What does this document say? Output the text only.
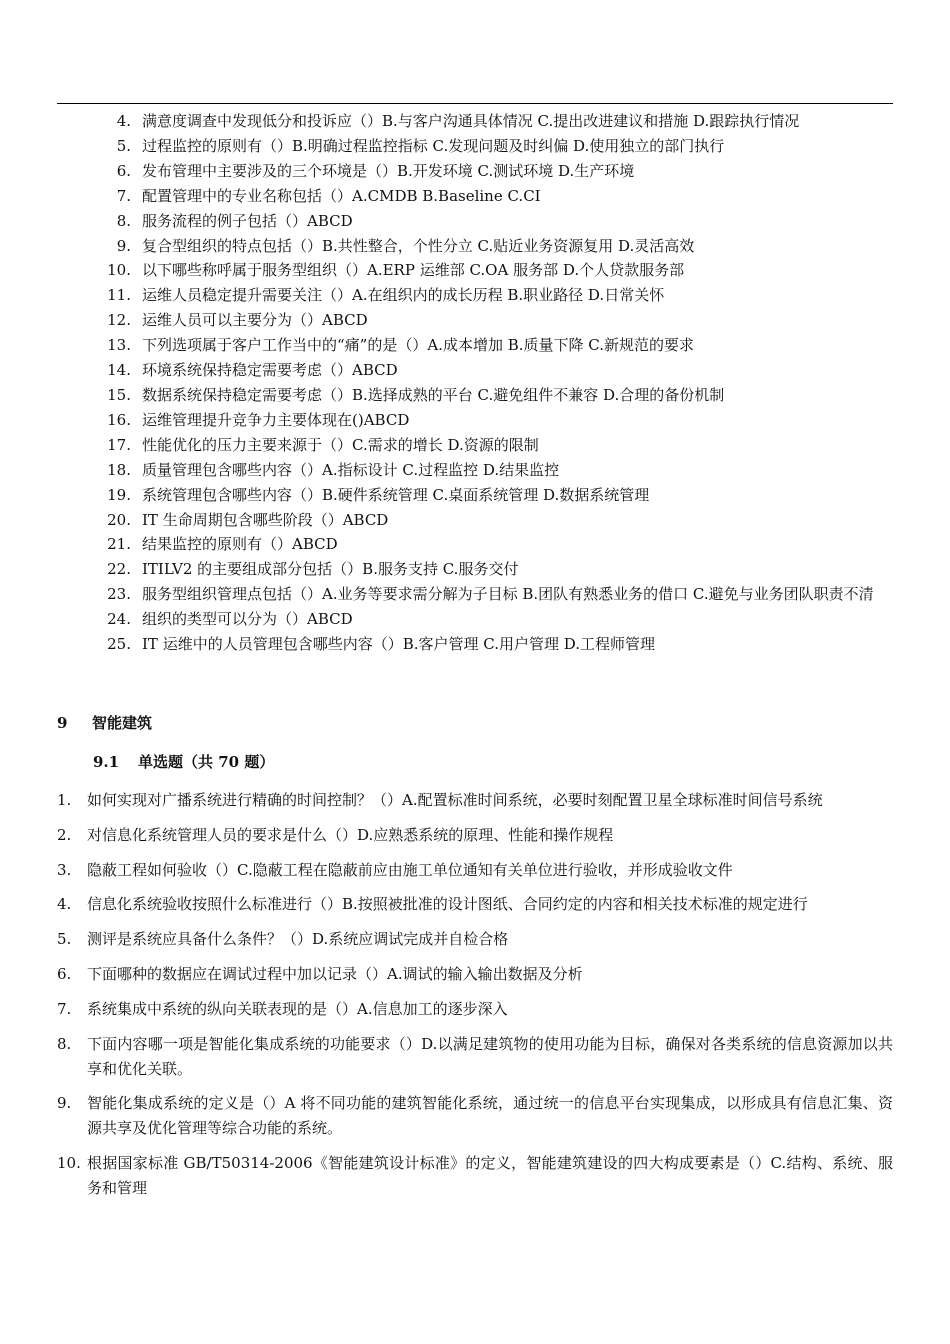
4. 满意度调查中发现低分和投诉应（）B.与客户沟通具体情况 C.提出改进建议和措施 D.跟踪执行情况
5. 过程监控的原则有（）B.明确过程监控指标 C.发现问题及时纠偏 D.使用独立的部门执行
6. 发布管理中主要涉及的三个环境是（）B.开发环境 C.测试环境 D.生产环境
7. 配置管理中的专业名称包括（）A.CMDB B.Baseline C.CI
8. 服务流程的例子包括（）ABCD
9. 复合型组织的特点包括（）B.共性整合，个性分立 C.贴近业务资源复用 D.灵活高效
10. 以下哪些称呼属于服务型组织（）A.ERP 运维部 C.OA 服务部 D.个人贷款服务部
11. 运维人员稳定提升需要关注（）A.在组织内的成长历程 B.职业路径 D.日常关怀
12. 运维人员可以主要分为（）ABCD
13. 下列选项属于客户工作当中的“痛”的是（）A.成本增加 B.质量下降 C.新规范的要求
14. 环境系统保持稳定需要考虑（）ABCD
15. 数据系统保持稳定需要考虑（）B.选择成熟的平台 C.避免组件不兼容 D.合理的备份机制
16. 运维管理提升竞争力主要体现在()ABCD
17. 性能优化的压力主要来源于（）C.需求的增长 D.资源的限制
18. 质量管理包含哪些内容（）A.指标设计 C.过程监控 D.结果监控
19. 系统管理包含哪些内容（）B.硬件系统管理 C.桌面系统管理 D.数据系统管理
20. IT 生命周期包含哪些阶段（）ABCD
21. 结果监控的原则有（）ABCD
22. ITILV2 的主要组成部分包括（）B.服务支持 C.服务交付
23. 服务型组织管理点包括（）A.业务等要求需分解为子目标 B.团队有熟悉业务的借口 C.避免与业务团队职责不清
24. 组织的类型可以分为（）ABCD
25. IT 运维中的人员管理包含哪些内容（）B.客户管理 C.用户管理 D.工程师管理
9	智能建筑
9.1	单选题（共 70 题）
1.	如何实现对广播系统进行精确的时间控制？（）A.配置标准时间系统，必要时刻配置卫星全球标准时间信号系统
2.	对信息化系统管理人员的要求是什么（）D.应熟悉系统的原理、性能和操作规程
3.	隐蔽工程如何验收（）C.隐蔽工程在隐蔽前应由施工单位通知有关单位进行验收，并形成验收文件
4.	信息化系统验收按照什么标准进行（）B.按照被批准的设计图纸、合同约定的内容和相关技术标准的规定进行
5.	测评是系统应具备什么条件？（）D.系统应调试完成并自检合格
6.	下面哪种的数据应在调试过程中加以记录（）A.调试的输入输出数据及分析
7.	系统集成中系统的纵向关联表现的是（）A.信息加工的逐步深入
8.	下面内容哪一项是智能化集成系统的功能要求（）D.以满足建筑物的使用功能为目标，确保对各类系统的信息资源加以共享和优化关联。
9.	智能化集成系统的定义是（）A 将不同功能的建筑智能化系统，通过统一的信息平台实现集成，以形成具有信息汇集、资源共享及优化管理等综合功能的系统。
10. 根据国家标准 GB/T50314-2006《智能建筑设计标准》的定义，智能建筑建设的四大构成要素是（）C.结构、系统、服务和管理
